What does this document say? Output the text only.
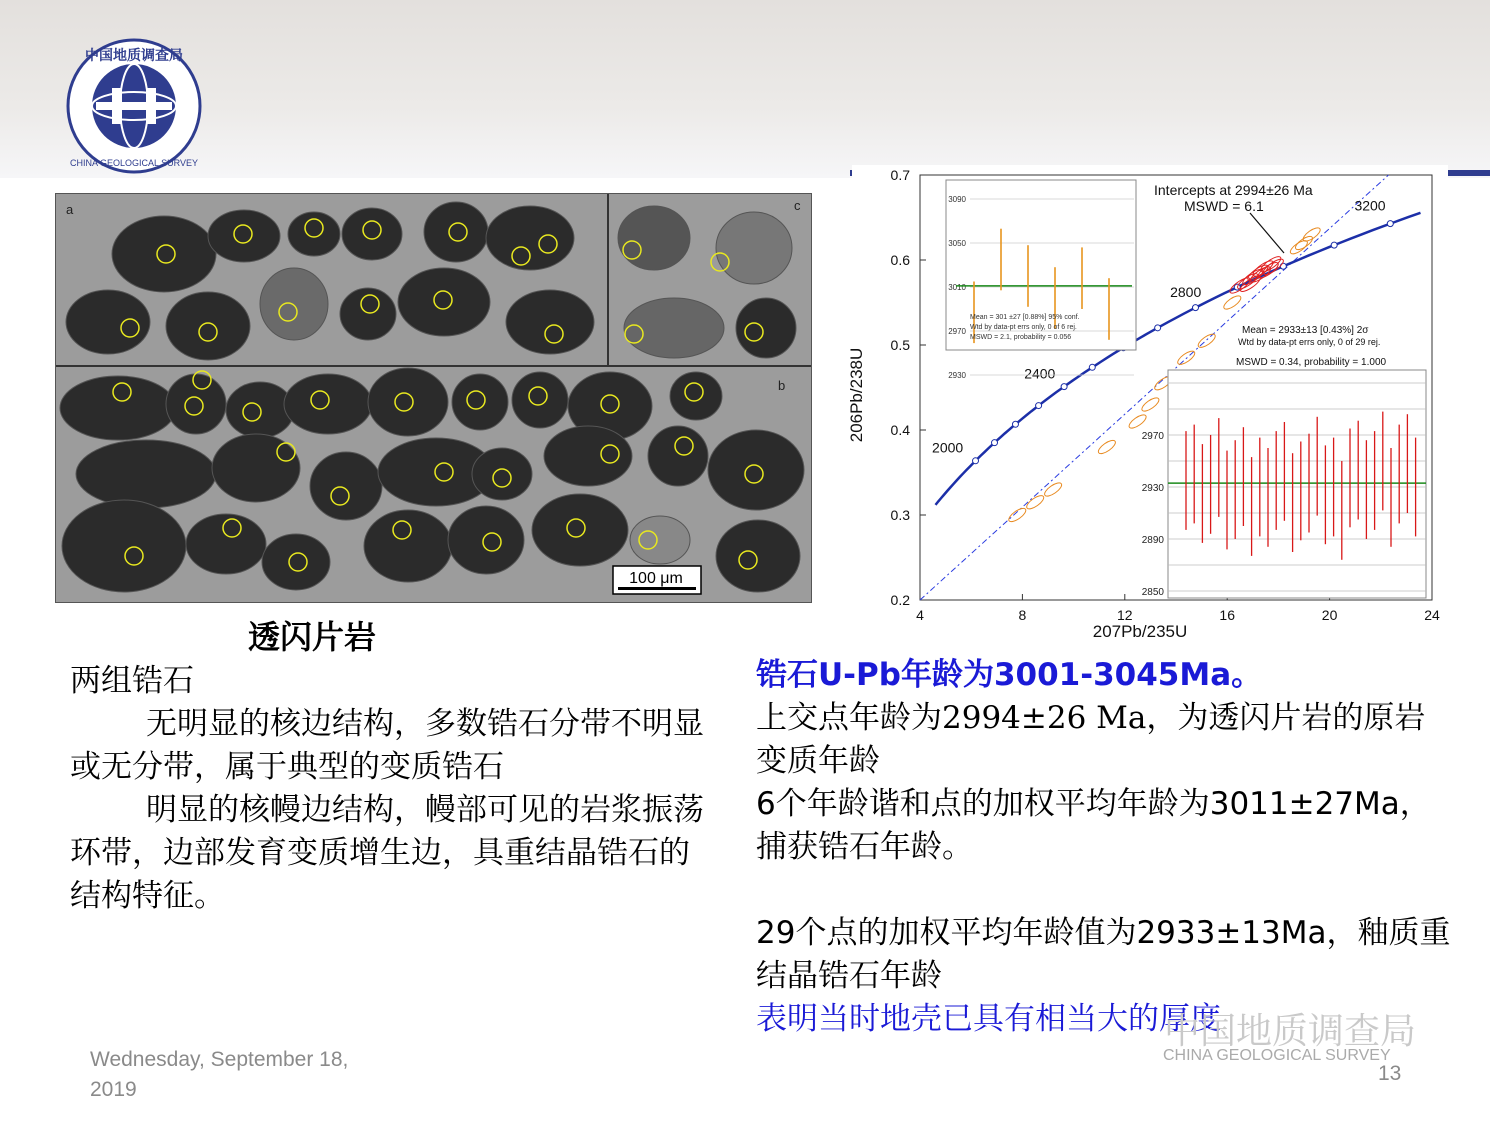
中国地质调查局
CHINA GEOLOGICAL SURVEY
a
b
c
100 μm
4	8	12	16	20	24
0.2
0.3
0.4
0.5
0.6
0.7
207Pb/235U
206Pb/238U
2000
2400
2800
3200
Intercepts at 2994±26 Ma
MSWD = 6.1
3090
3050
3010
2970
2930
Mean = 301 ±27 [0.88%] 95% conf.
Wtd by data-pt errs only, 0 of 6 rej.
MSWD = 2.1, probability = 0.056
Mean = 2933±13 [0.43%] 2σ
Wtd by data-pt errs only, 0 of 29 rej.
MSWD = 0.34, probability = 1.000
2970
2930
2890
2850
透闪片岩

两组锆石

无明显的核边结构，多数锆石分带不明显或无分带，属于典型的变质锆石

明显的核幔边结构，幔部可见的岩浆振荡环带，边部发育变质增生边，具重结晶锆石的结构特征。

锆石U-Pb年龄为3001-3045Ma。

上交点年龄为2994±26 Ma，为透闪片岩的原岩变质年龄

6个年龄谐和点的加权平均年龄为3011±27Ma，捕获锆石年龄。

29个点的加权平均年龄值为2933±13Ma，釉质重结晶锆石年龄

表明当时地壳已具有相当大的厚度

中国地质调查局
CHINA GEOLOGICAL SURVEY
Wednesday, September 18,
2019
13
